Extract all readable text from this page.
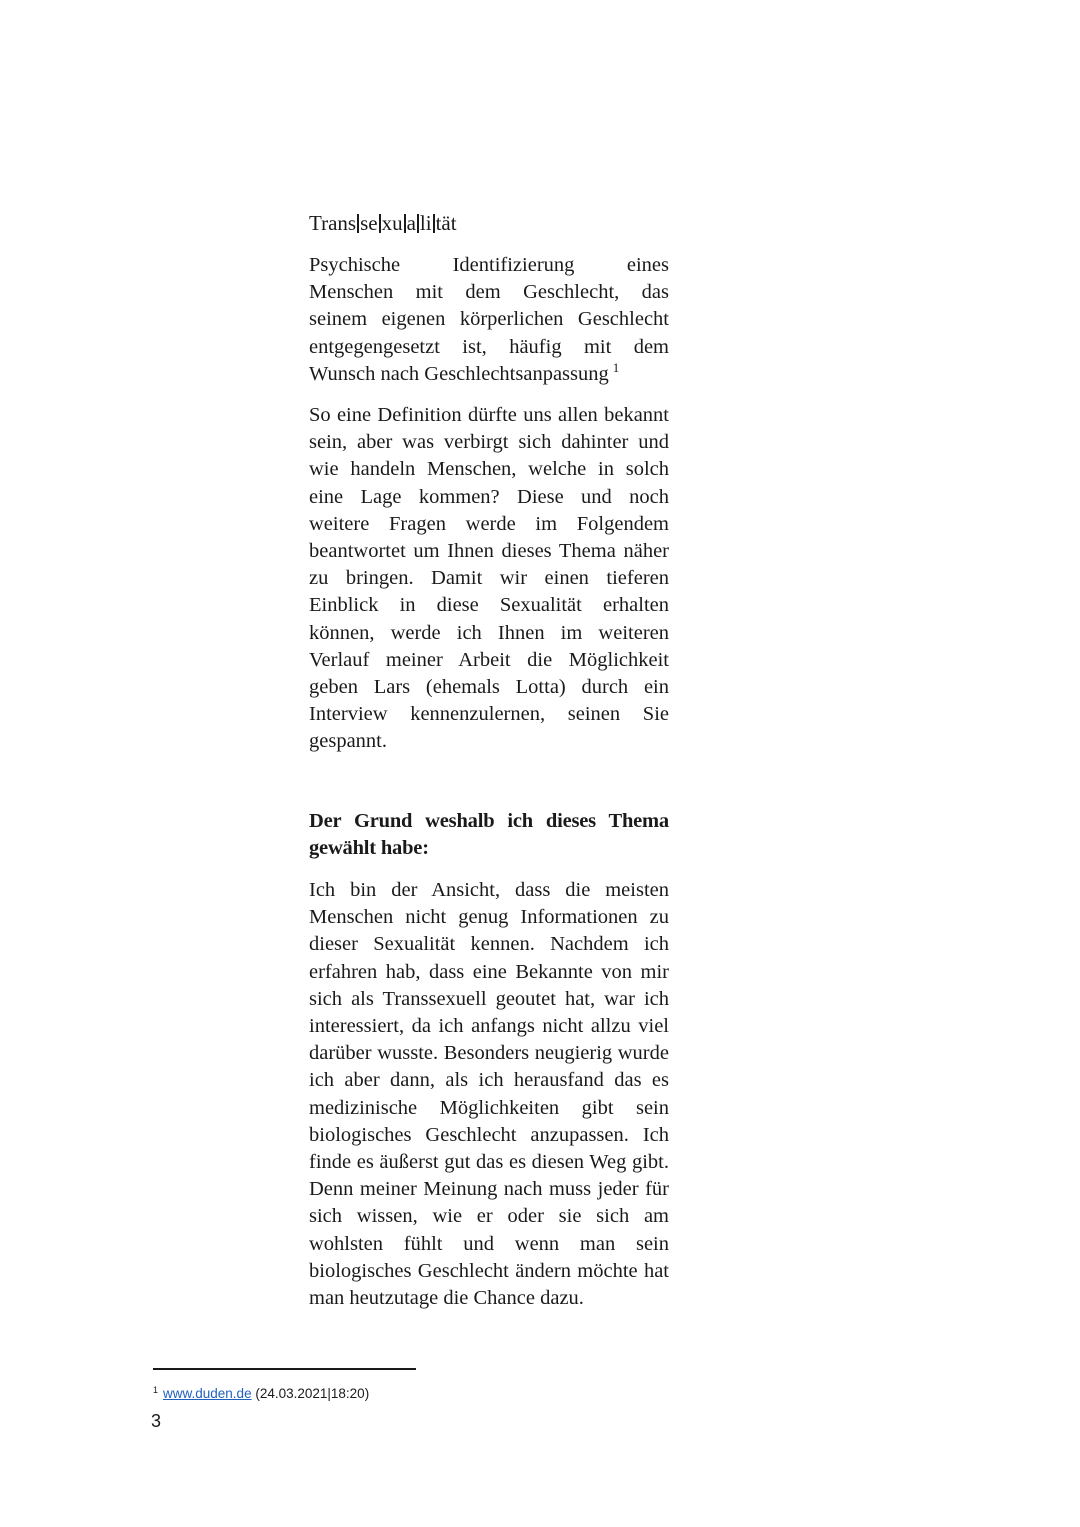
Trans se xu a li tät
Psychische Identifizierung eines
Menschen mit dem Geschlecht, das
seinem eigenen körperlichen Geschlecht
entgegengesetzt ist, häufig mit dem
Wunsch nach Geschlechtsanpassung $^1$

So eine Definition dürfte uns allen bekannt sein, aber was verbirgt sich dahinter und wie handeln Menschen, welche in solch eine Lage kommen? Diese und noch weitere Fragen werde im Folgendem beantwortet um Ihnen dieses Thema näher zu bringen. Damit wir einen tieferen Einblick in diese Sexualität erhalten können, werde ich Ihnen im weiteren Verlauf meiner Arbeit die Möglichkeit geben Lars (ehemals Lotta) durch ein Interview kennenzulernen, seinen Sie gespannt.

Der Grund weshalb ich dieses Thema gewählt habe:

Ich bin der Ansicht, dass die meisten Menschen nicht genug Informationen zu dieser Sexualität kennen. Nachdem ich erfahren hab, dass eine Bekannte von mir sich als Transsexuell geoutet hat, war ich interessiert, da ich anfangs nicht allzu viel darüber wusste. Besonders neugierig wurde ich aber dann, als ich herausfand das es medizinische Möglichkeiten gibt sein biologisches Geschlecht anzupassen. Ich finde es äußerst gut das es diesen Weg gibt. Denn meiner Meinung nach muss jeder für sich wissen, wie er oder sie sich am wohlsten fühlt und wenn man sein biologisches Geschlecht ändern möchte hat man heutzutage die Chance dazu.

$^1$ www.duden.de (24.03.2021|18:20)
3
